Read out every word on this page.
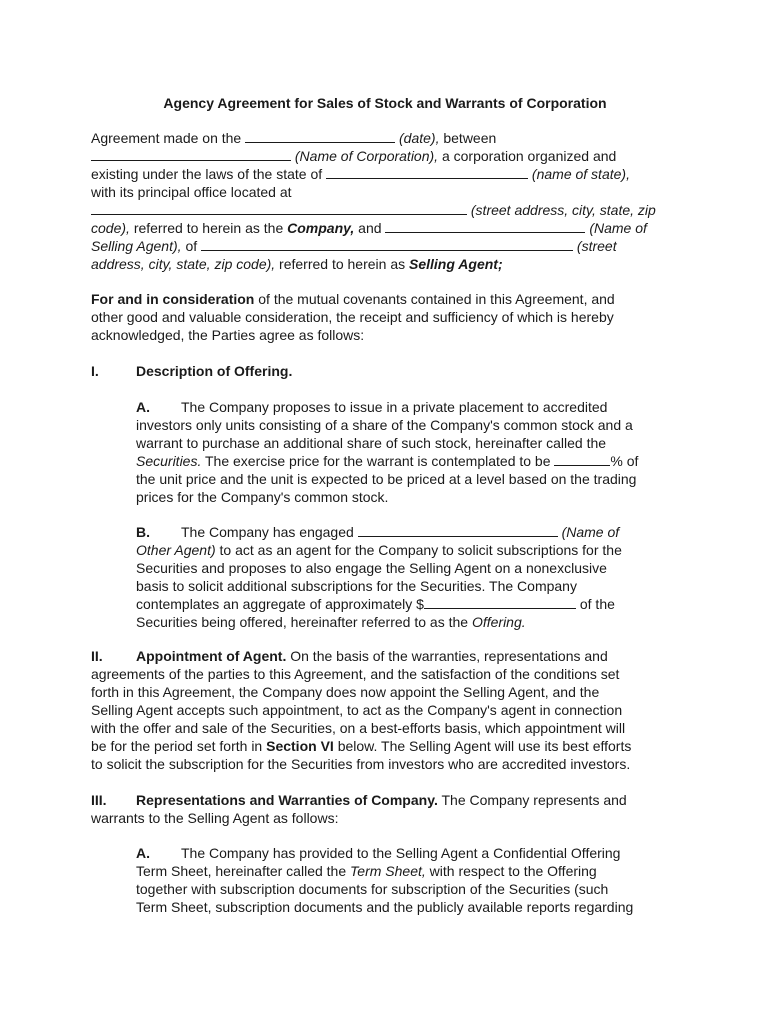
Agency Agreement for Sales of Stock and Warrants of Corporation

Agreement made on the	(date), between

(Name of Corporation), a corporation organized and

existing under the laws of the state of	(name of state),

with its principal office located at

(street address, city, state, zip

code), referred to herein as the Company, and	(Name of

Selling Agent), of	(street

address, city, state, zip code), referred to herein as Selling Agent;

For and in consideration of the mutual covenants contained in this Agreement, and

other good and valuable consideration, the receipt and sufficiency of which is hereby

acknowledged, the Parties agree as follows:

I.	Description of Offering.

A. The Company proposes to issue in a private placement to accredited

investors only units consisting of a share of the Company's common stock and a

warrant to purchase an additional share of such stock, hereinafter called the

Securities. The exercise price for the warrant is contemplated to be	% of

the unit price and the unit is expected to be priced at a level based on the trading

prices for the Company's common stock.

B. The Company has engaged	(Name of

Other Agent) to act as an agent for the Company to solicit subscriptions for the

Securities and proposes to also engage the Selling Agent on a nonexclusive

basis to solicit additional subscriptions for the Securities. The Company

contemplates an aggregate of approximately $	of the

Securities being offered, hereinafter referred to as the Offering.

II. Appointment of Agent. On the basis of the warranties, representations and

agreements of the parties to this Agreement, and the satisfaction of the conditions set

forth in this Agreement, the Company does now appoint the Selling Agent, and the

Selling Agent accepts such appointment, to act as the Company's agent in connection

with the offer and sale of the Securities, on a best-efforts basis, which appointment will

be for the period set forth in Section VI below. The Selling Agent will use its best efforts

to solicit the subscription for the Securities from investors who are accredited investors.

III. Representations and Warranties of Company. The Company represents and

warrants to the Selling Agent as follows:

A. The Company has provided to the Selling Agent a Confidential Offering

Term Sheet, hereinafter called the Term Sheet, with respect to the Offering

together with subscription documents for subscription of the Securities (such

Term Sheet, subscription documents and the publicly available reports regarding
